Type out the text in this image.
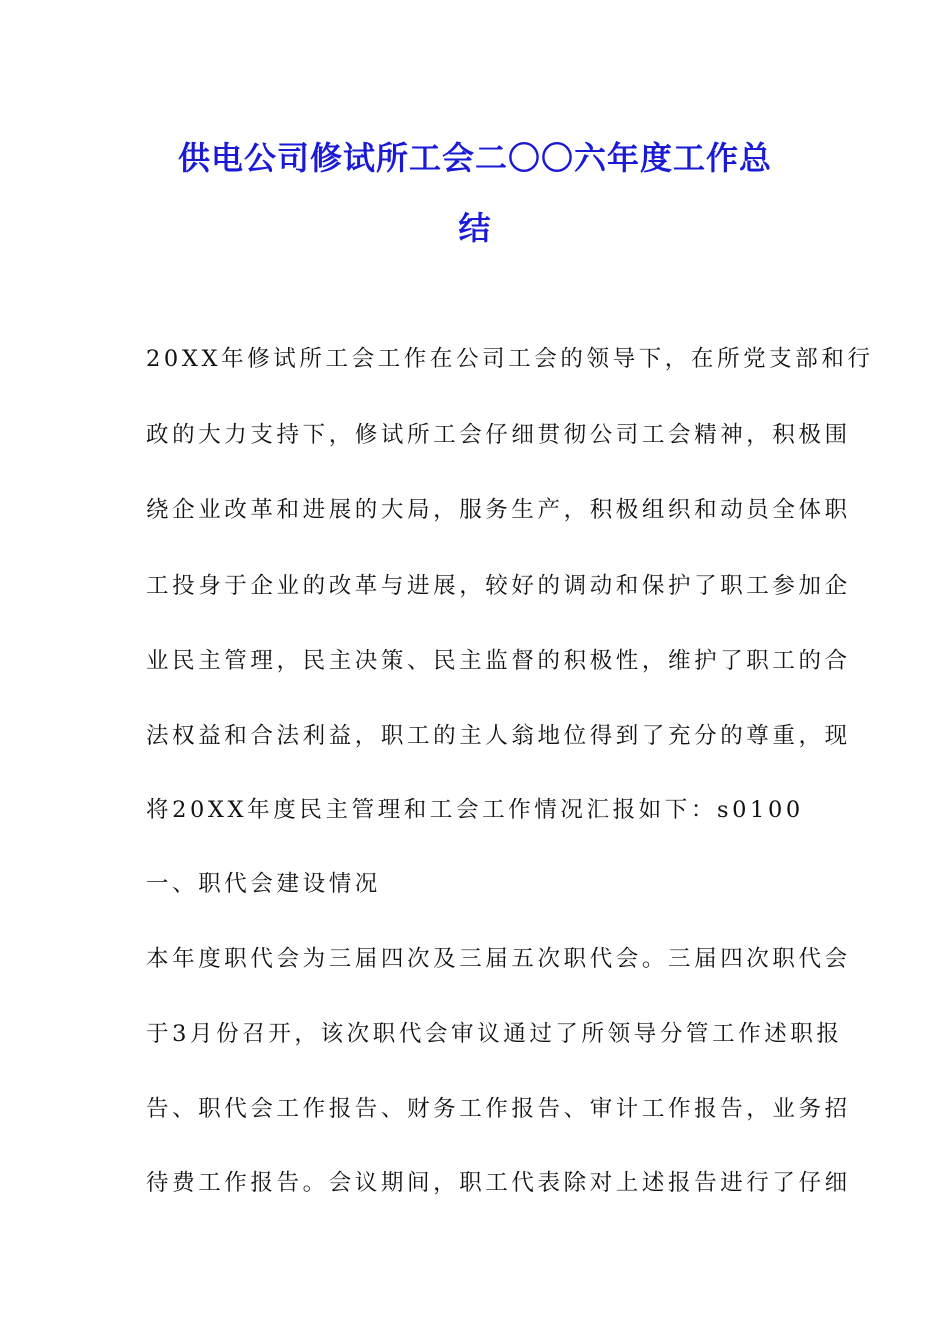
供电公司修试所工会二〇〇六年度工作总
结
20XX年修试所工会工作在公司工会的领导下，在所党支部和行
政的大力支持下，修试所工会仔细贯彻公司工会精神，积极围
绕企业改革和进展的大局，服务生产，积极组织和动员全体职
工投身于企业的改革与进展，较好的调动和保护了职工参加企
业民主管理，民主决策、民主监督的积极性，维护了职工的合
法权益和合法利益，职工的主人翁地位得到了充分的尊重，现
将20XX年度民主管理和工会工作情况汇报如下：s0100
一、职代会建设情况
本年度职代会为三届四次及三届五次职代会。三届四次职代会
于3月份召开，该次职代会审议通过了所领导分管工作述职报
告、职代会工作报告、财务工作报告、审计工作报告，业务招
待费工作报告。会议期间，职工代表除对上述报告进行了仔细
